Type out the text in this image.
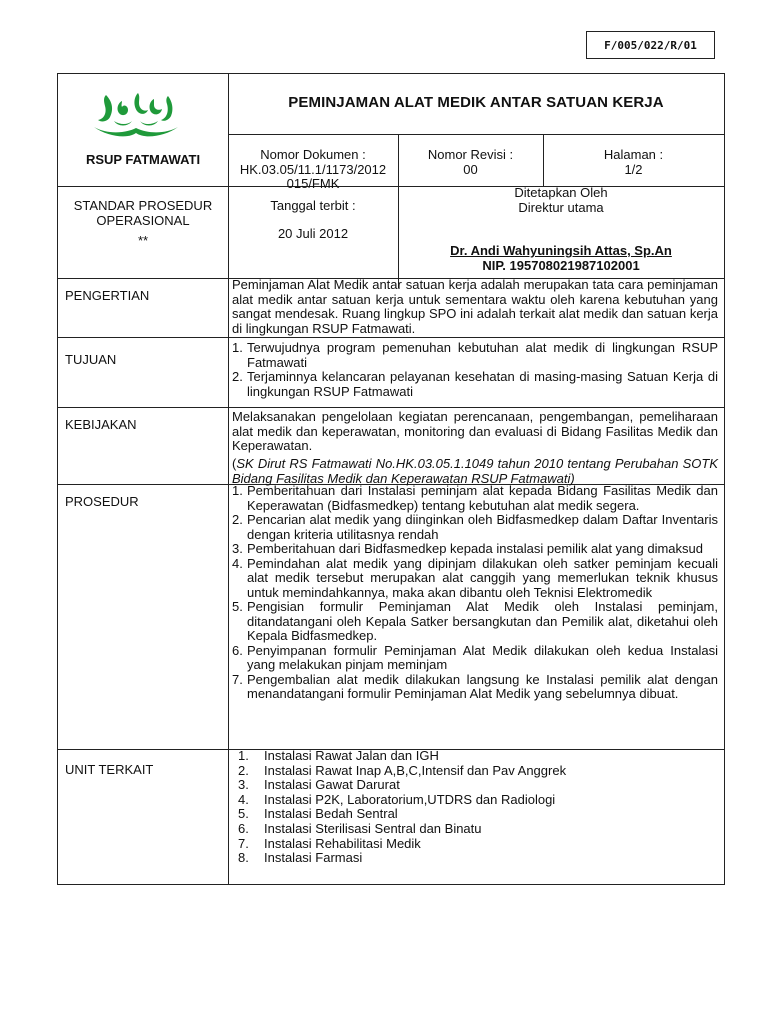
F/005/022/R/01
RSUP FATMAWATI
PEMINJAMAN ALAT MEDIK ANTAR SATUAN KERJA
Nomor Dokumen :
HK.03.05/11.1/1173/2012
015/FMK
Nomor Revisi :
00
Halaman :
1/2
STANDAR PROSEDUR
OPERASIONAL
**
Tanggal terbit :
20 Juli 2012
Ditetapkan Oleh
Direktur utama
Dr. Andi Wahyuningsih Attas, Sp.An
NIP. 195708021987102001
PENGERTIAN
Peminjaman Alat Medik antar satuan kerja adalah merupakan tata cara peminjaman alat medik antar satuan kerja untuk sementara waktu oleh karena kebutuhan yang sangat mendesak. Ruang lingkup SPO ini adalah terkait alat medik dan satuan kerja di lingkungan RSUP Fatmawati.
TUJUAN
1. Terwujudnya program pemenuhan kebutuhan alat medik di lingkungan RSUP Fatmawati
2. Terjaminnya kelancaran pelayanan kesehatan di masing-masing Satuan Kerja di lingkungan RSUP Fatmawati
KEBIJAKAN
Melaksanakan pengelolaan kegiatan perencanaan, pengembangan, pemeliharaan alat medik dan keperawatan, monitoring dan evaluasi di Bidang Fasilitas Medik dan Keperawatan.
(SK Dirut RS Fatmawati No.HK.03.05.1.1049 tahun 2010 tentang Perubahan SOTK Bidang Fasilitas Medik dan Keperawatan RSUP Fatmawati)
PROSEDUR
1. Pemberitahuan dari Instalasi peminjam alat kepada Bidang Fasilitas Medik dan Keperawatan (Bidfasmedkep) tentang kebutuhan alat medik segera.
2. Pencarian alat medik yang diinginkan oleh Bidfasmedkep dalam Daftar Inventaris dengan kriteria utilitasnya rendah
3. Pemberitahuan dari Bidfasmedkep kepada instalasi pemilik alat yang dimaksud
4. Pemindahan alat medik yang dipinjam dilakukan oleh satker peminjam kecuali alat medik tersebut merupakan alat canggih yang memerlukan teknik khusus untuk memindahkannya, maka akan dibantu oleh Teknisi Elektromedik
5. Pengisian formulir Peminjaman Alat Medik oleh Instalasi peminjam, ditandatangani oleh Kepala Satker bersangkutan dan Pemilik alat, diketahui oleh Kepala Bidfasmedkep.
6. Penyimpanan formulir Peminjaman Alat Medik dilakukan oleh kedua Instalasi yang melakukan pinjam meminjam
7. Pengembalian alat medik dilakukan langsung ke Instalasi pemilik alat dengan menandatangani formulir Peminjaman Alat Medik yang sebelumnya dibuat.
UNIT TERKAIT
1. Instalasi Rawat Jalan dan IGH
2. Instalasi Rawat Inap A,B,C,Intensif dan Pav Anggrek
3. Instalasi Gawat Darurat
4. Instalasi P2K, Laboratorium,UTDRS dan Radiologi
5. Instalasi Bedah Sentral
6. Instalasi Sterilisasi Sentral dan Binatu
7. Instalasi Rehabilitasi Medik
8. Instalasi Farmasi
